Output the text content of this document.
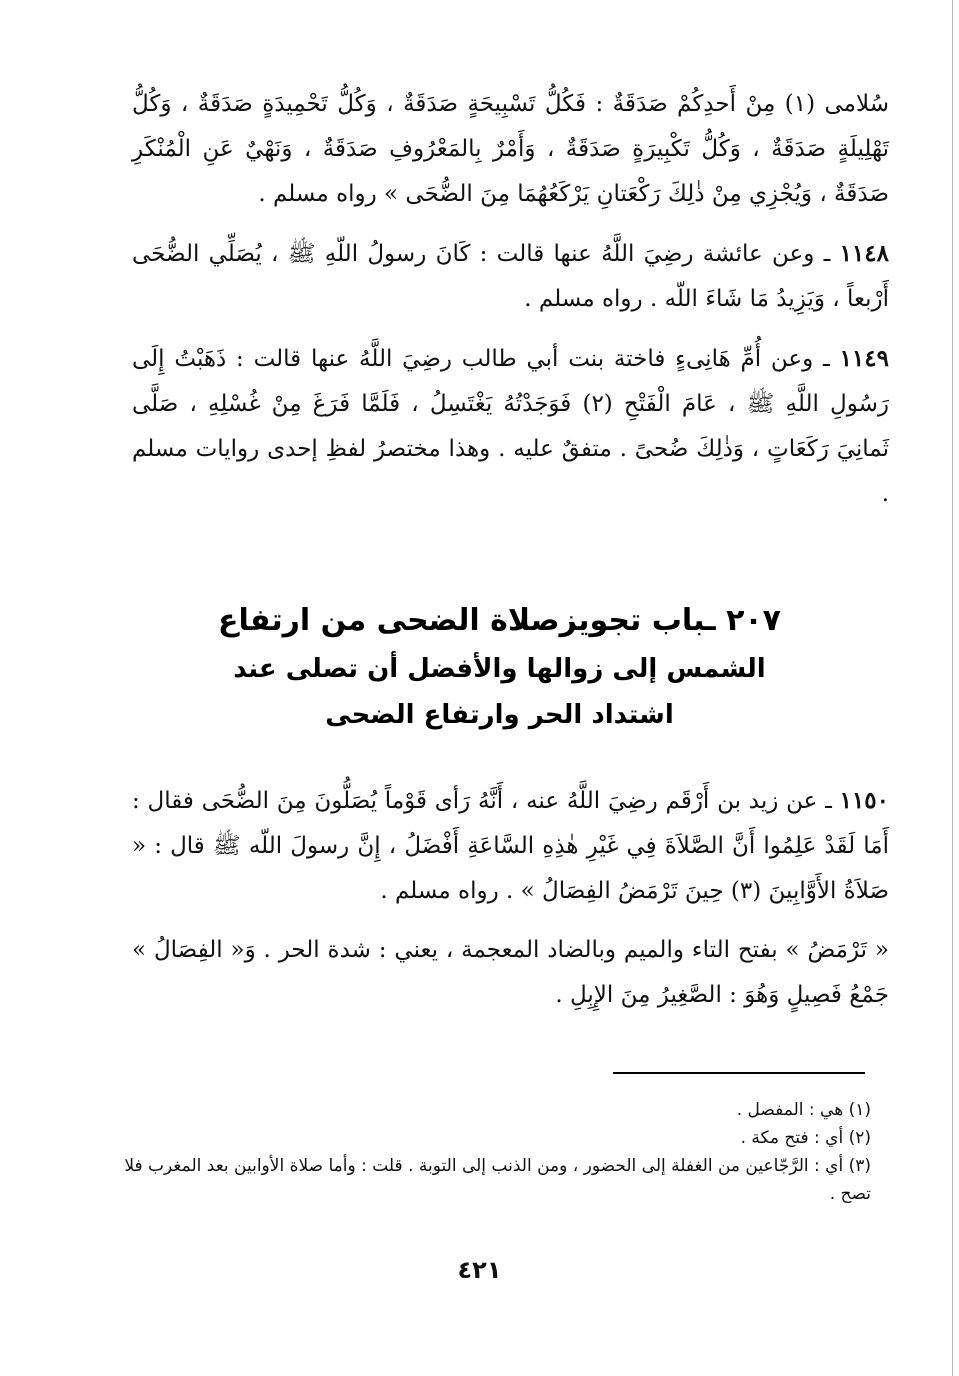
سُلامى (١) مِنْ أَحدِكُمْ صَدَقَةٌ : فَكُلُّ تَسْبِيحَةٍ صَدَقَةٌ ، وَكُلُّ تَحْمِيدَةٍ صَدَقَةٌ ، وَكُلُّ تَهْلِيلَةٍ صَدَقَةٌ ، وَكُلُّ تَكْبِيرَةٍ صَدَقَةٌ ، وَأَمْرٌ بِالمَعْرُوفِ صَدَقَةٌ ، وَنَهْيٌ عَنِ الْمُنْكَرِ صَدَقَةٌ ، وَيُجْزِي مِنْ ذٰلِكَ رَكْعَتانِ يَرْكَعُهُمَا مِنَ الضُّحَى » رواه مسلم .

١١٤٨ ـ وعن عائشة رضِيَ اللَّهُ عنها قالت : كَانَ رسولُ اللّهِ ﷺ ، يُصَلِّي الضُّحَى أَرْبعاً ، وَيَزِيدُ مَا شَاءَ اللّه . رواه مسلم .

١١٤٩ ـ وعن أُمِّ هَانِىءٍ فاختة بنت أبي طالب رضِيَ اللَّهُ عنها قالت : ذَهَبْتُ إِلَى رَسُولِ اللَّهِ ﷺ ، عَامَ الْفَتْحِ (٢) فَوَجَدْتُهُ يَغْتَسِلُ ، فَلَمَّا فَرَغَ مِنْ غُسْلِهِ ، صَلَّى ثَمانِيَ رَكَعَاتٍ ، وَذٰلِكَ ضُحىً . متفقٌ عليه . وهذا مختصرُ لفظِ إحدى روايات مسلم .

٢٠٧ ـباب تجويزصلاة الضحى من ارتفاع
الشمس إلى زوالها والأفضل أن تصلى عند
اشتداد الحر وارتفاع الضحى

١١٥٠ ـ عن زيد بن أَرْقَم رضِيَ اللَّهُ عنه ، أَنَّهُ رَأى قَوْماً يُصَلُّونَ مِنَ الضُّحَى فقال : أَمَا لَقَدْ عَلِمُوا أَنَّ الصَّلاَةَ فِي غَيْرِ هٰذِهِ السَّاعَةِ أَفْضَلُ ، إِنَّ رسولَ اللّه ﷺ قال : « صَلاَةُ الأَوَّابِينَ (٣) حِينَ تَرْمَضُ الفِصَالُ » . رواه مسلم .

« تَرْمَضُ » بفتح التاء والميم وبالضاد المعجمة ، يعني : شدة الحر . وَ« الفِصَالُ » جَمْعُ فَصِيلٍ وَهُوَ : الصَّغِيرُ مِنَ الإِبِلِ .

(١) هي : المفصل .

(٢) أي : فتح مكة .

(٣) أي : الرَّجّاعين من الغفلة إلى الحضور ، ومن الذنب إلى التوبة . قلت : وأما صلاة الأوابين بعد المغرب فلا تصح .

٤٢١
